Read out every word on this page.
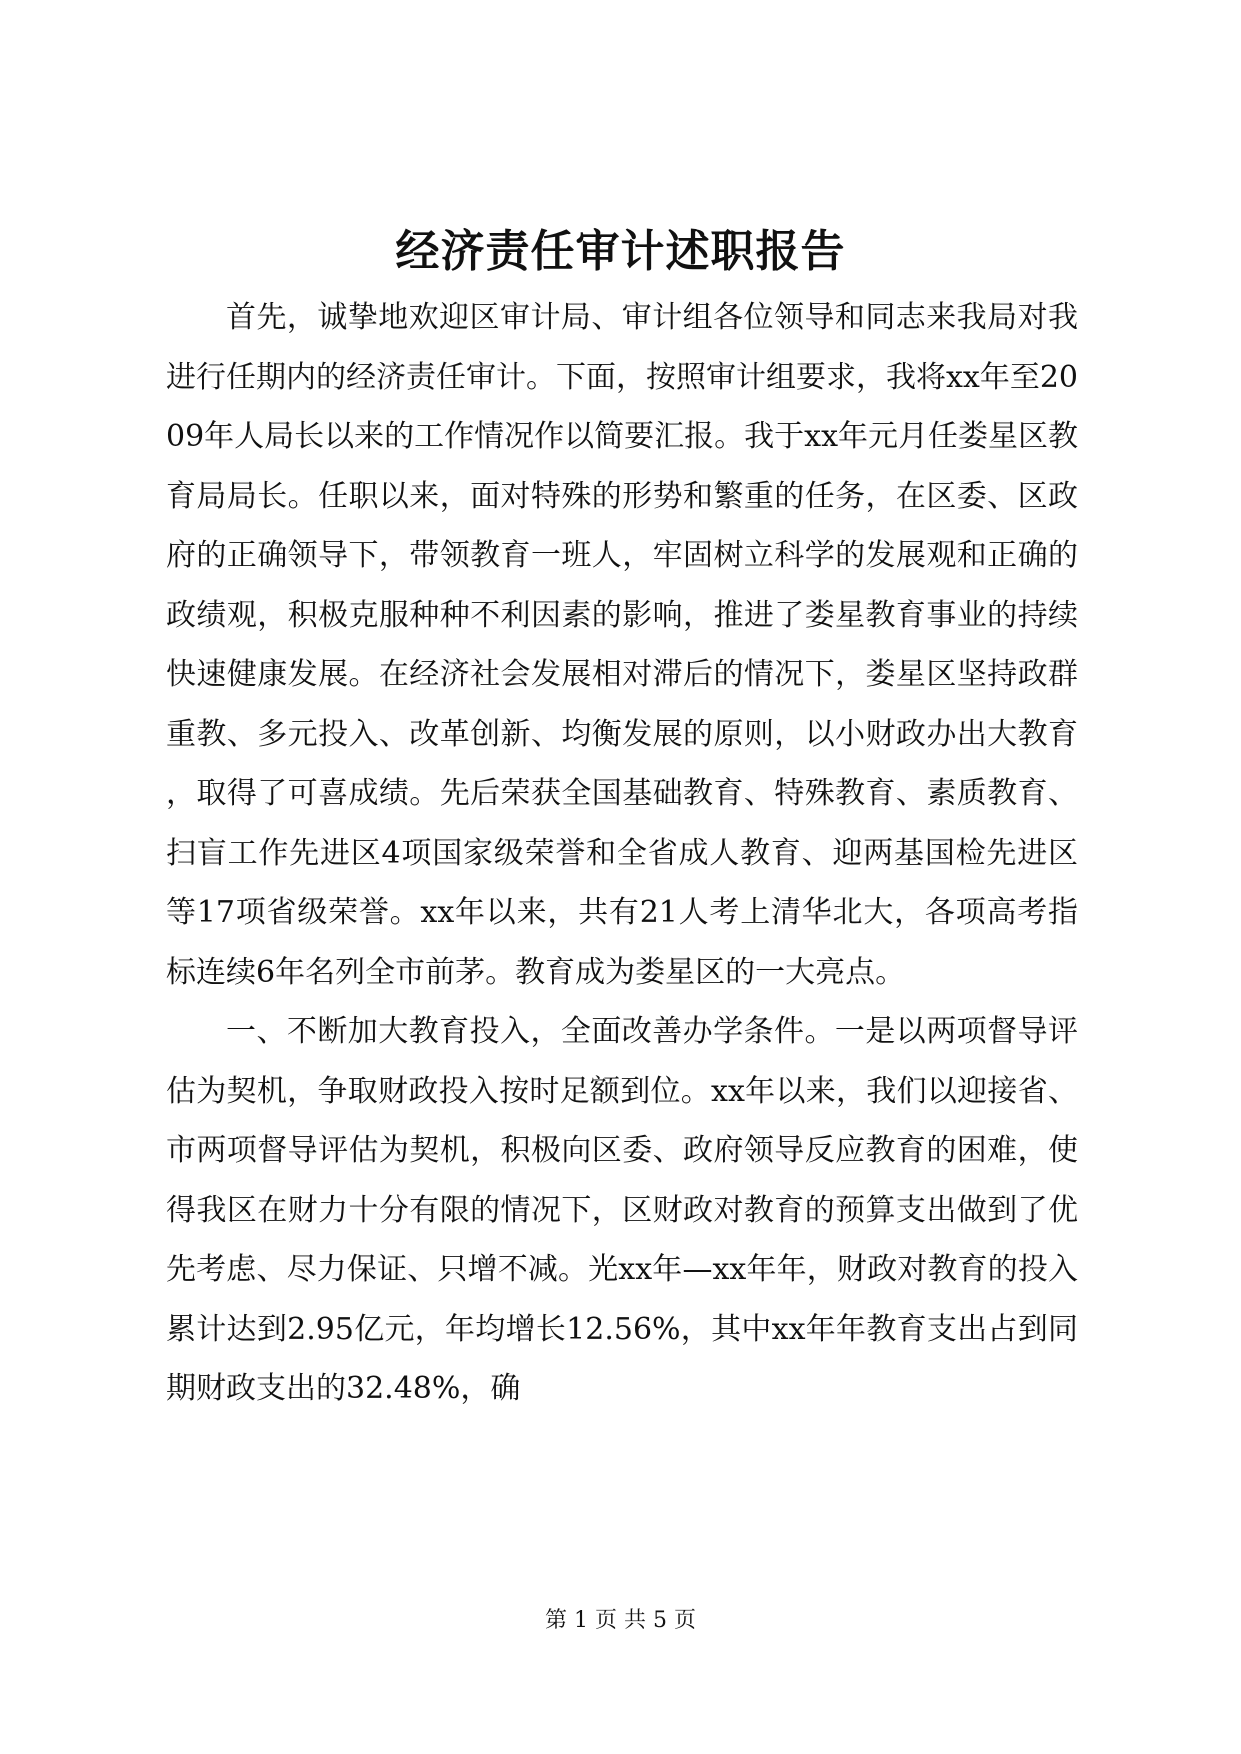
经济责任审计述职报告

首先，诚挚地欢迎区审计局、审计组各位领导和同志来我局对我进行任期内的经济责任审计。下面，按照审计组要求，我将xx年至2009年人局长以来的工作情况作以简要汇报。我于xx年元月任娄星区教育局局长。任职以来，面对特殊的形势和繁重的任务，在区委、区政府的正确领导下，带领教育一班人，牢固树立科学的发展观和正确的政绩观，积极克服种种不利因素的影响，推进了娄星教育事业的持续快速健康发展。在经济社会发展相对滞后的情况下，娄星区坚持政群重教、多元投入、改革创新、均衡发展的原则，以小财政办出大教育，取得了可喜成绩。先后荣获全国基础教育、特殊教育、素质教育、扫盲工作先进区4项国家级荣誉和全省成人教育、迎两基国检先进区等17项省级荣誉。xx年以来，共有21人考上清华北大，各项高考指标连续6年名列全市前茅。教育成为娄星区的一大亮点。

一、不断加大教育投入，全面改善办学条件。一是以两项督导评估为契机，争取财政投入按时足额到位。xx年以来，我们以迎接省、市两项督导评估为契机，积极向区委、政府领导反应教育的困难，使得我区在财力十分有限的情况下，区财政对教育的预算支出做到了优先考虑、尽力保证、只增不减。光xx年—xx年年，财政对教育的投入累计达到2.95亿元，年均增长12.56%，其中xx年年教育支出占到同期财政支出的32.48%，确

第 1 页 共 5 页
